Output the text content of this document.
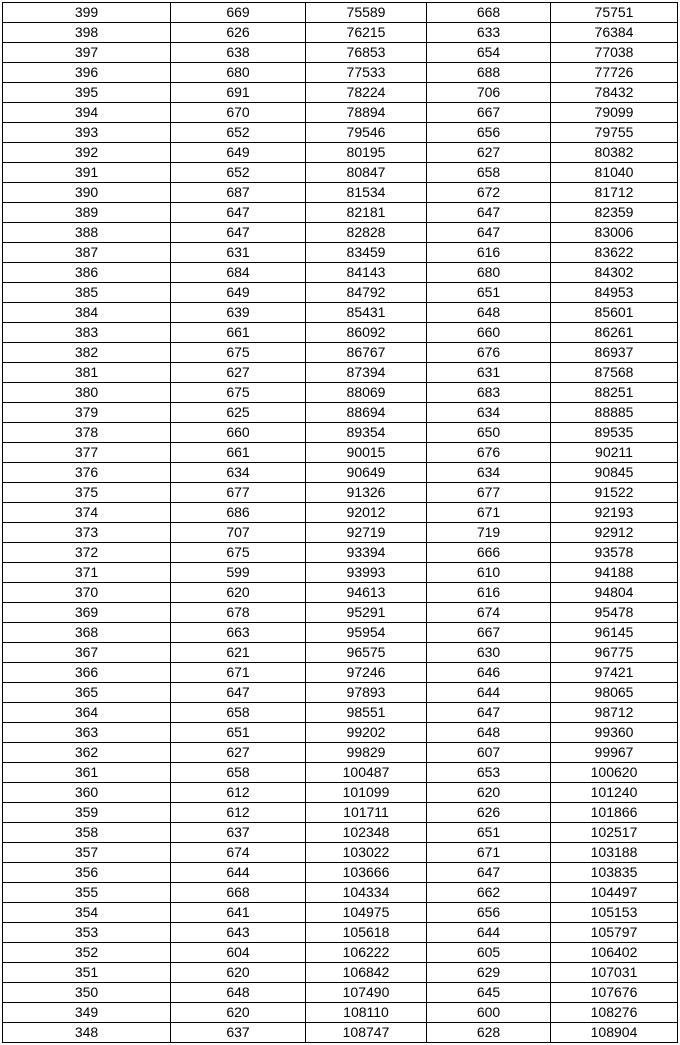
399	669	75589	668	75751
398	626	76215	633	76384
397	638	76853	654	77038
396	680	77533	688	77726
395	691	78224	706	78432
394	670	78894	667	79099
393	652	79546	656	79755
392	649	80195	627	80382
391	652	80847	658	81040
390	687	81534	672	81712
389	647	82181	647	82359
388	647	82828	647	83006
387	631	83459	616	83622
386	684	84143	680	84302
385	649	84792	651	84953
384	639	85431	648	85601
383	661	86092	660	86261
382	675	86767	676	86937
381	627	87394	631	87568
380	675	88069	683	88251
379	625	88694	634	88885
378	660	89354	650	89535
377	661	90015	676	90211
376	634	90649	634	90845
375	677	91326	677	91522
374	686	92012	671	92193
373	707	92719	719	92912
372	675	93394	666	93578
371	599	93993	610	94188
370	620	94613	616	94804
369	678	95291	674	95478
368	663	95954	667	96145
367	621	96575	630	96775
366	671	97246	646	97421
365	647	97893	644	98065
364	658	98551	647	98712
363	651	99202	648	99360
362	627	99829	607	99967
361	658	100487	653	100620
360	612	101099	620	101240
359	612	101711	626	101866
358	637	102348	651	102517
357	674	103022	671	103188
356	644	103666	647	103835
355	668	104334	662	104497
354	641	104975	656	105153
353	643	105618	644	105797
352	604	106222	605	106402
351	620	106842	629	107031
350	648	107490	645	107676
349	620	108110	600	108276
348	637	108747	628	108904
